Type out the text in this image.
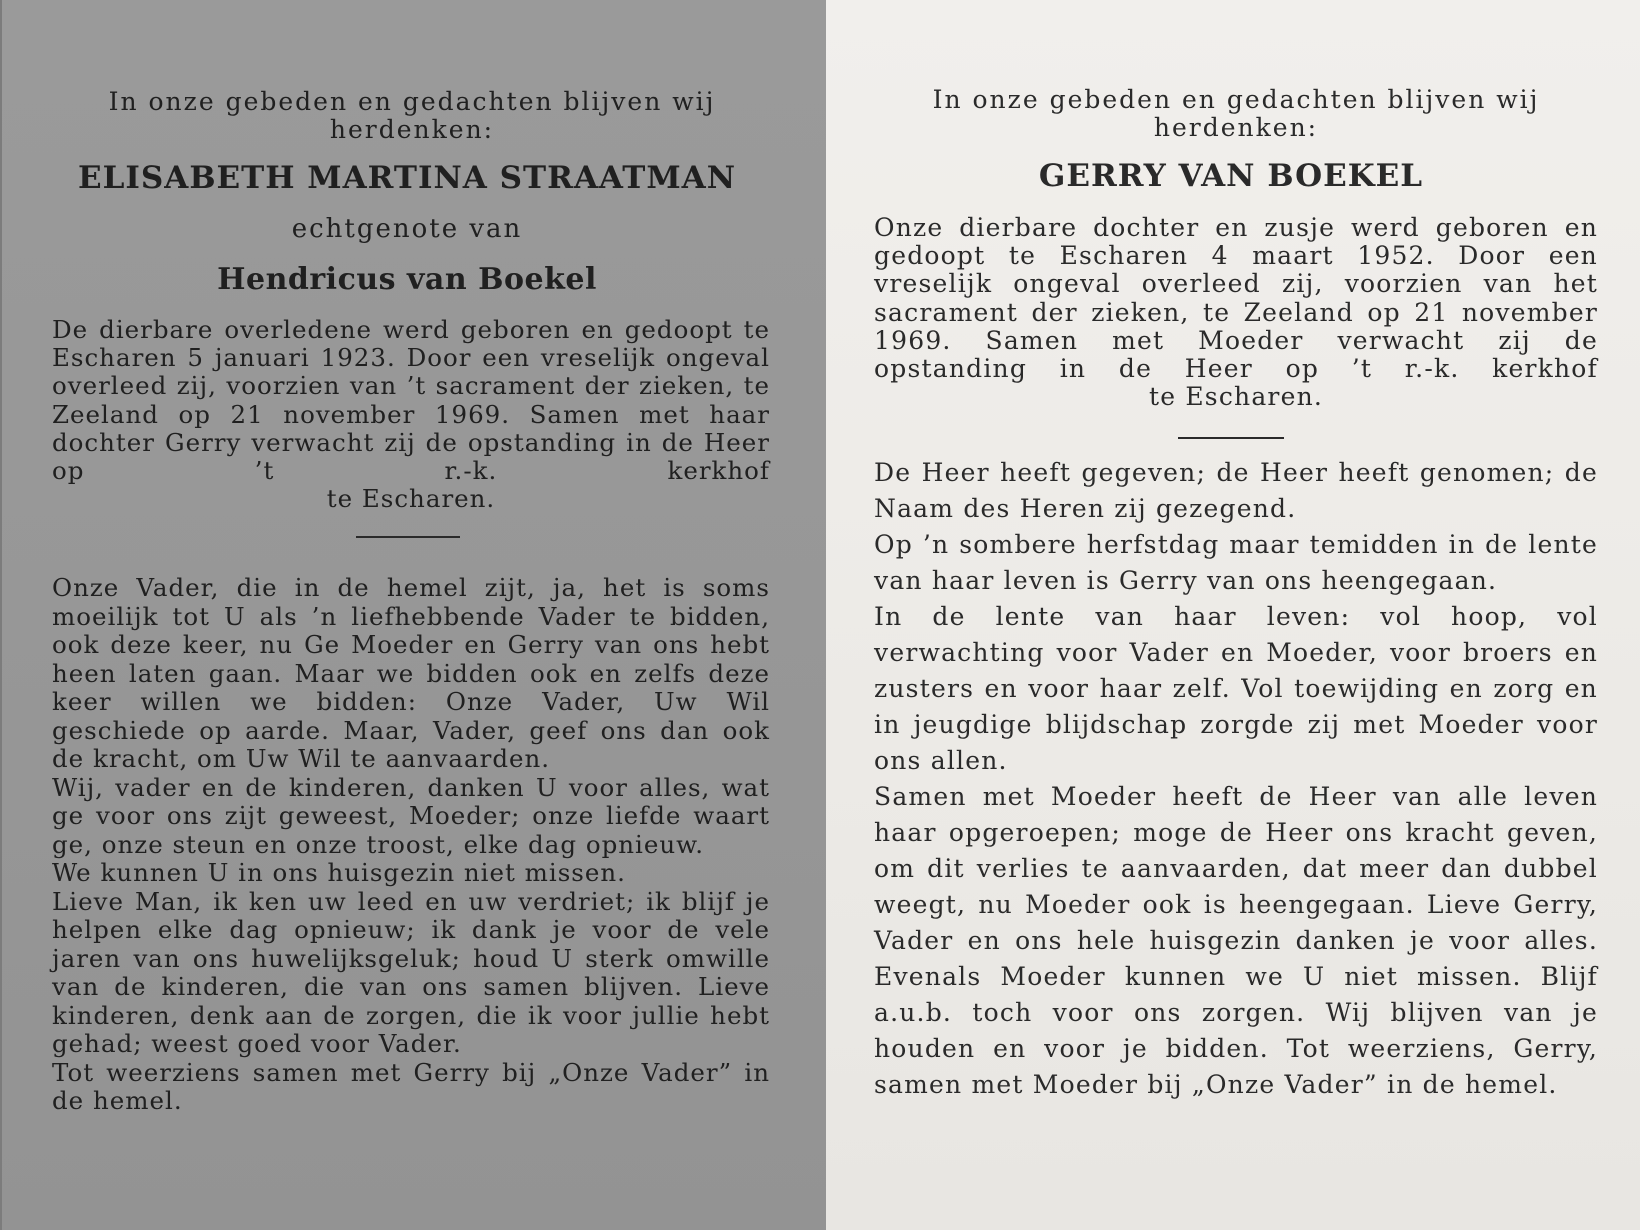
In onze gebeden en gedachten blijven wij herdenken:
ELISABETH MARTINA STRAATMAN
echtgenote van
Hendricus van Boekel
De dierbare overledene werd geboren en gedoopt te Escharen 5 januari 1923. Door een vreselijk ongeval overleed zij, voorzien van ’t sacrament der zieken, te Zeeland op 21 november 1969. Samen met haar dochter Gerry verwacht zij de opstanding in de Heer op ’t r.-k. kerkhof
te Escharen.

Onze Vader, die in de hemel zijt, ja, het is soms moeilijk tot U als ’n liefhebbende Vader te bidden, ook deze keer, nu Ge Moeder en Gerry van ons hebt heen laten gaan. Maar we bidden ook en zelfs deze keer willen we bidden: Onze Vader, Uw Wil geschiede op aarde. Maar, Vader, geef ons dan ook de kracht, om Uw Wil te aanvaarden.

Wij, vader en de kinderen, danken U voor alles, wat ge voor ons zijt geweest, Moeder; onze liefde waart ge, onze steun en onze troost, elke dag opnieuw.

We kunnen U in ons huisgezin niet missen.

Lieve Man, ik ken uw leed en uw verdriet; ik blijf je helpen elke dag opnieuw; ik dank je voor de vele jaren van ons huwelijksgeluk; houd U sterk omwille van de kinderen, die van ons samen blijven. Lieve kinderen, denk aan de zorgen, die ik voor jullie hebt gehad; weest goed voor Vader.

Tot weerziens samen met Gerry bij „Onze Vader” in de hemel.

In onze gebeden en gedachten blijven wij herdenken:
GERRY VAN BOEKEL

Onze dierbare dochter en zusje werd geboren en gedoopt te Escharen 4 maart 1952. Door een vreselijk ongeval overleed zij, voorzien van het sacrament der zieken, te Zeeland op 21 november 1969. Samen met Moeder verwacht zij de opstanding in de Heer op ’t r.-k. kerkhof

te Escharen.

De Heer heeft gegeven; de Heer heeft genomen; de Naam des Heren zij gezegend.

Op ’n sombere herfstdag maar temidden in de lente van haar leven is Gerry van ons heengegaan.

In de lente van haar leven: vol hoop, vol verwachting voor Vader en Moeder, voor broers en zusters en voor haar zelf. Vol toewijding en zorg en in jeugdige blijdschap zorgde zij met Moeder voor ons allen.

Samen met Moeder heeft de Heer van alle leven haar opgeroepen; moge de Heer ons kracht geven, om dit verlies te aanvaarden, dat meer dan dubbel weegt, nu Moeder ook is heengegaan. Lieve Gerry, Vader en ons hele huisgezin danken je voor alles. Evenals Moeder kunnen we U niet missen. Blijf a.u.b. toch voor ons zorgen. Wij blijven van je houden en voor je bidden. Tot weerziens, Gerry, samen met Moeder bij „Onze Vader” in de hemel.
